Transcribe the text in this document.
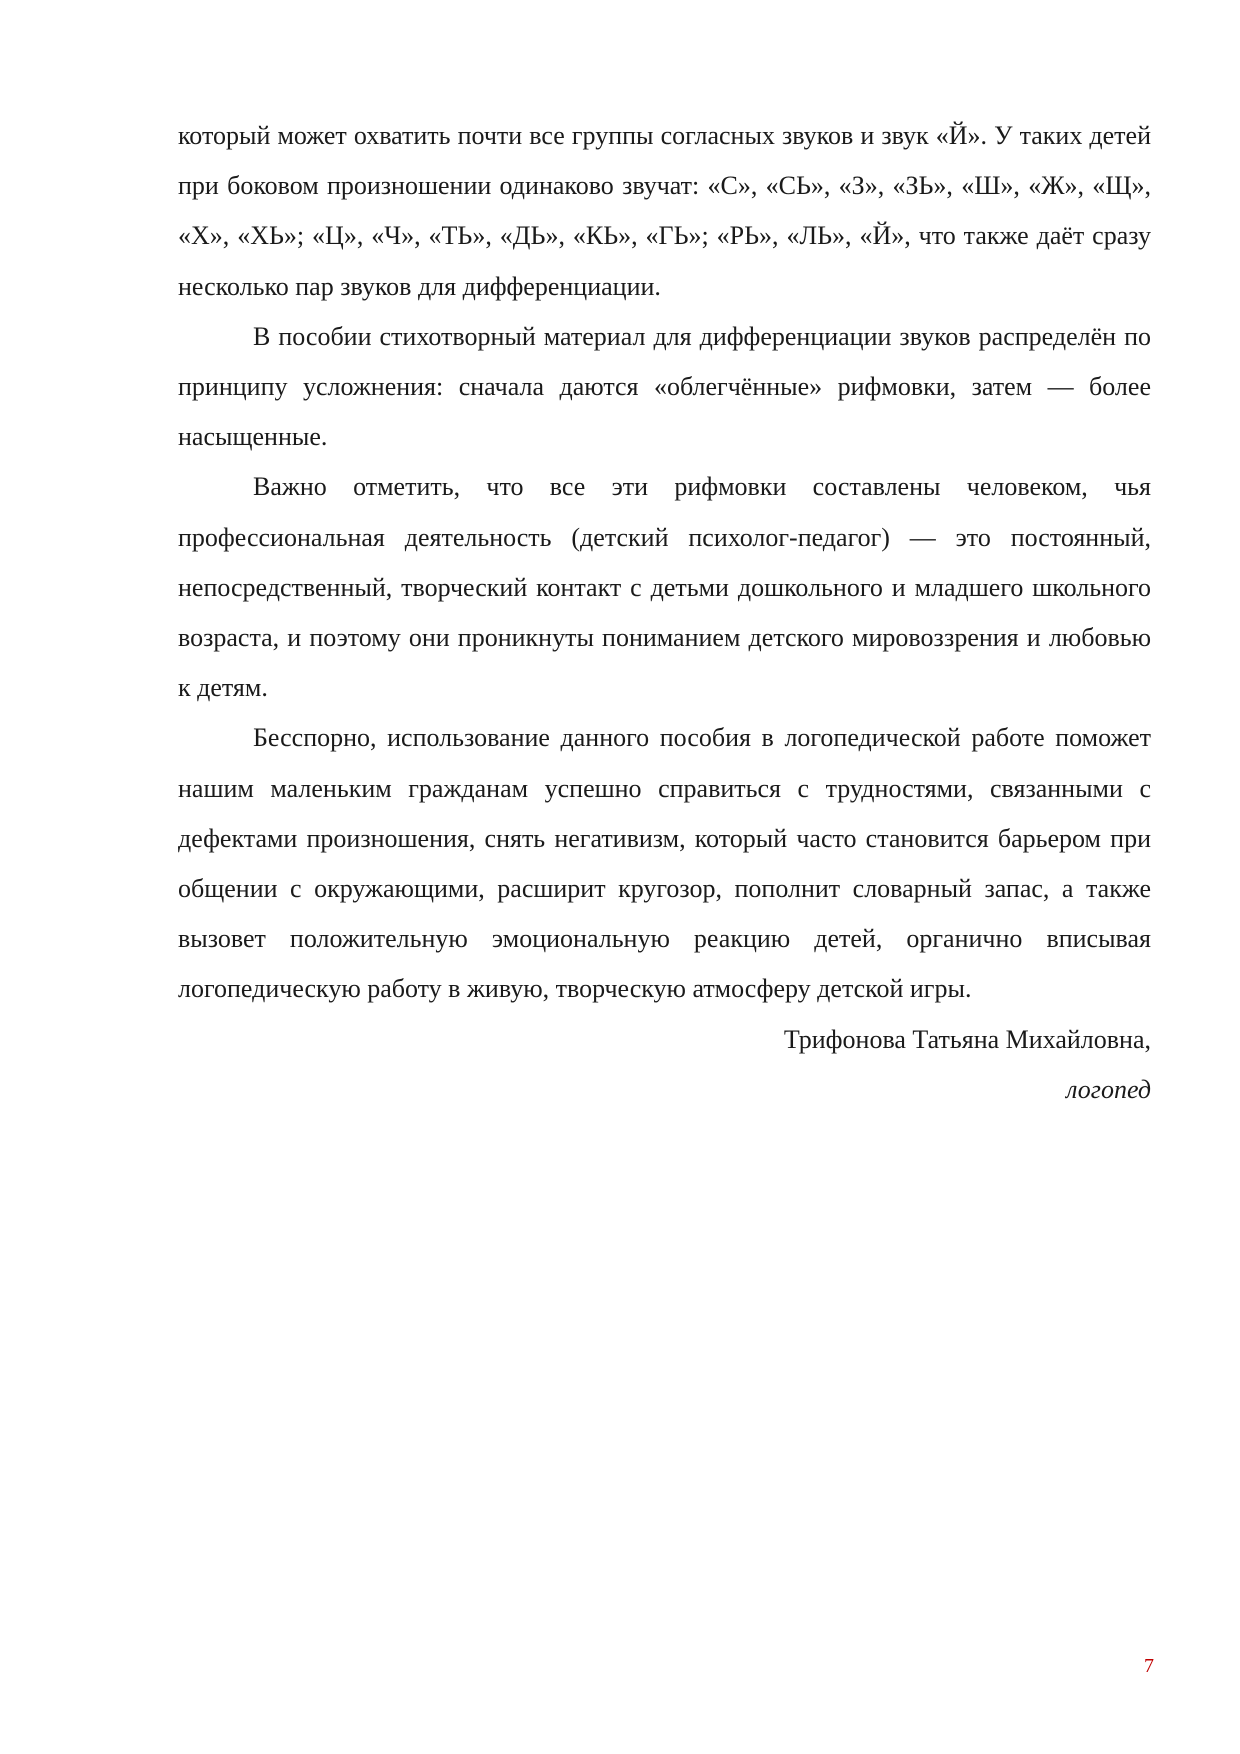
который может охватить почти все группы согласных звуков и звук «Й». У таких детей при боковом произношении одинаково звучат: «С», «СЬ», «З», «ЗЬ», «Ш», «Ж», «Щ», «Х», «ХЬ»; «Ц», «Ч», «ТЬ», «ДЬ», «КЬ», «ГЬ»; «РЬ», «ЛЬ», «Й», что также даёт сразу несколько пар звуков для дифференциации.

В пособии стихотворный материал для дифференциации звуков распределён по принципу усложнения: сначала даются «облегчённые» рифмовки, затем — более насыщенные.

Важно отметить, что все эти рифмовки составлены человеком, чья профессиональная деятельность (детский психолог-педагог) — это постоянный, непосредственный, творческий контакт с детьми дошкольного и младшего школьного возраста, и поэтому они проникнуты пониманием детского мировоззрения и любовью к детям.

Бесспорно, использование данного пособия в логопедической работе поможет нашим маленьким гражданам успешно справиться с трудностями, связанными с дефектами произношения, снять негативизм, который часто становится барьером при общении с окружающими, расширит кругозор, пополнит словарный запас, а также вызовет положительную эмоциональную реакцию детей, органично вписывая логопедическую работу в живую, творческую атмосферу детской игры.

Трифонова Татьяна Михайловна,

логопед

7
